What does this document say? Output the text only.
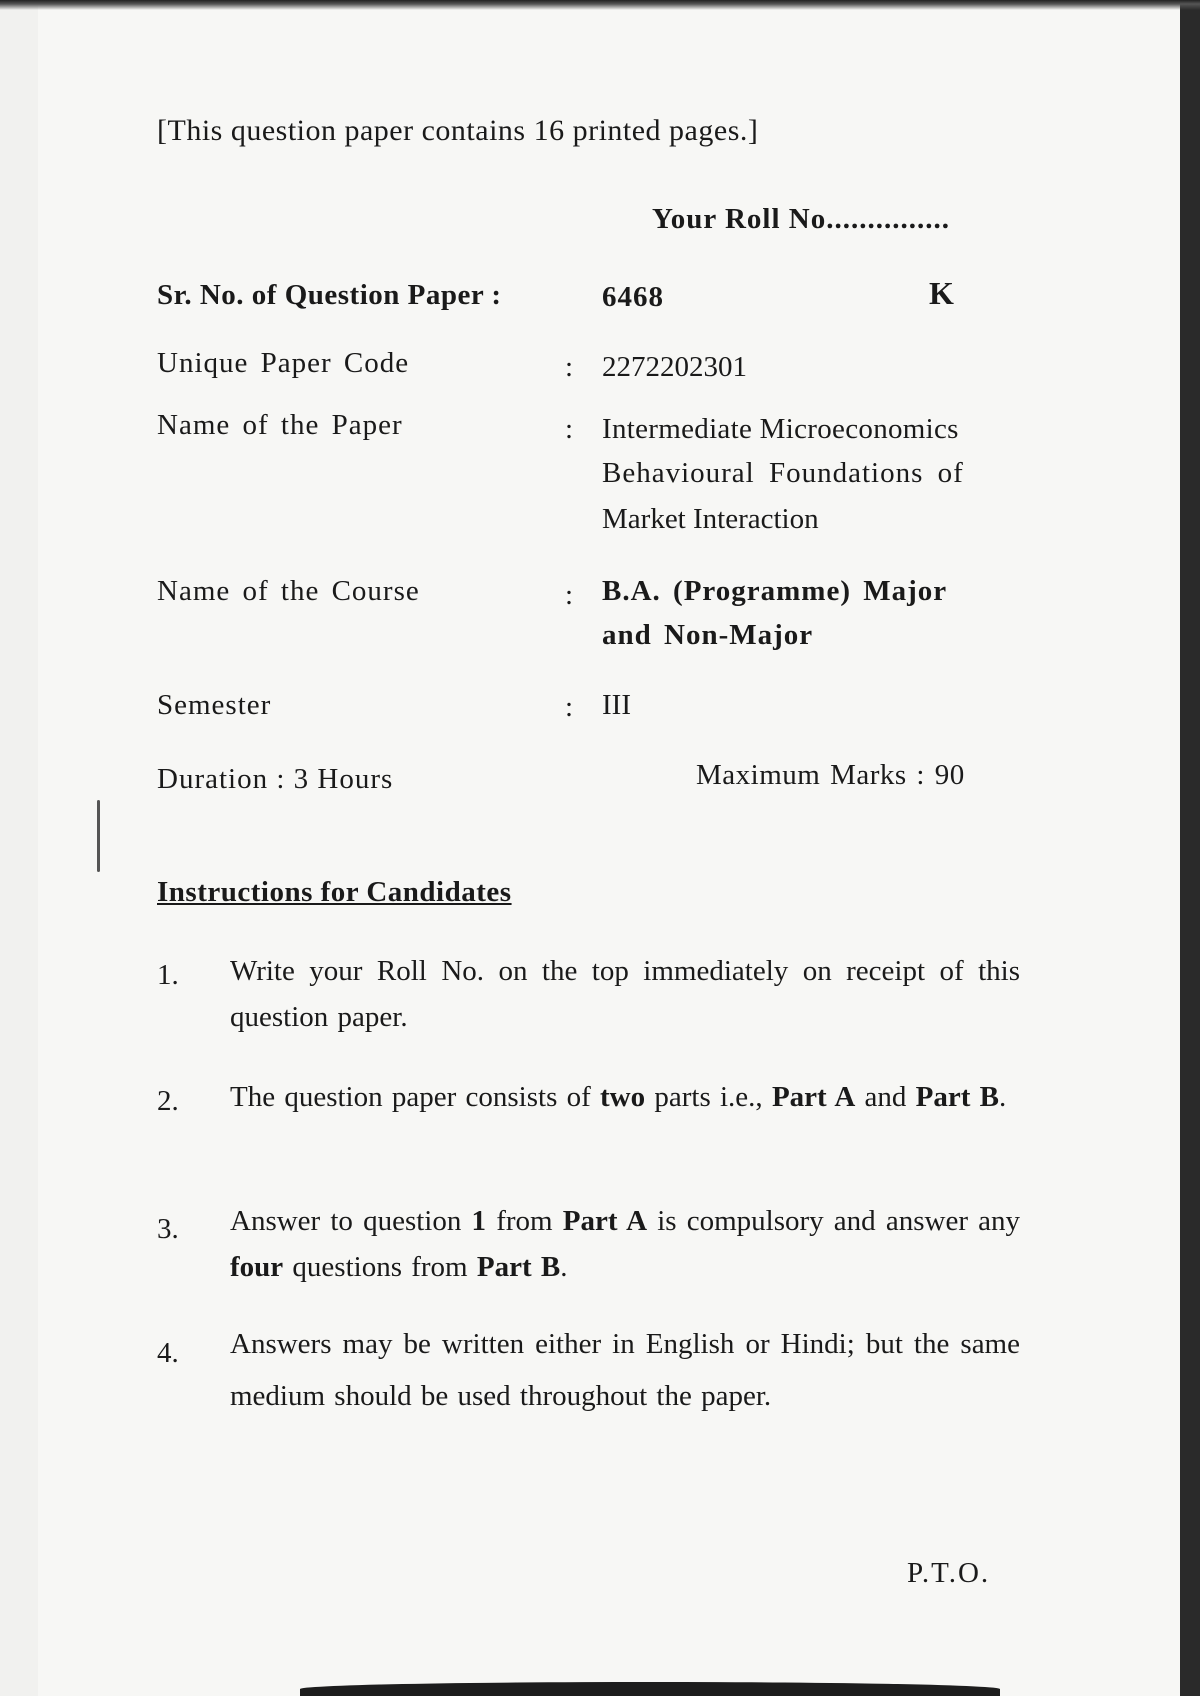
[This question paper contains 16 printed pages.]
Your Roll No...............
Sr. No. of Question Paper :	6468	K
Unique Paper Code	: 2272202301
Name of the Paper	: Intermediate Microeconomics
Behavioural Foundations of
Market Interaction
Name of the Course	: B.A. (Programme) Major
and Non-Major
Semester	: III
Duration : 3 Hours	Maximum Marks : 90
Instructions for Candidates
1. Write your Roll No. on the top immediately on receipt of this question paper.
2. The question paper consists of two parts i.e., Part A and Part B.
3. Answer to question 1 from Part A is compulsory and answer any four questions from Part B.
4. Answers may be written either in English or Hindi; but the same medium should be used throughout the paper.
P.T.O.
